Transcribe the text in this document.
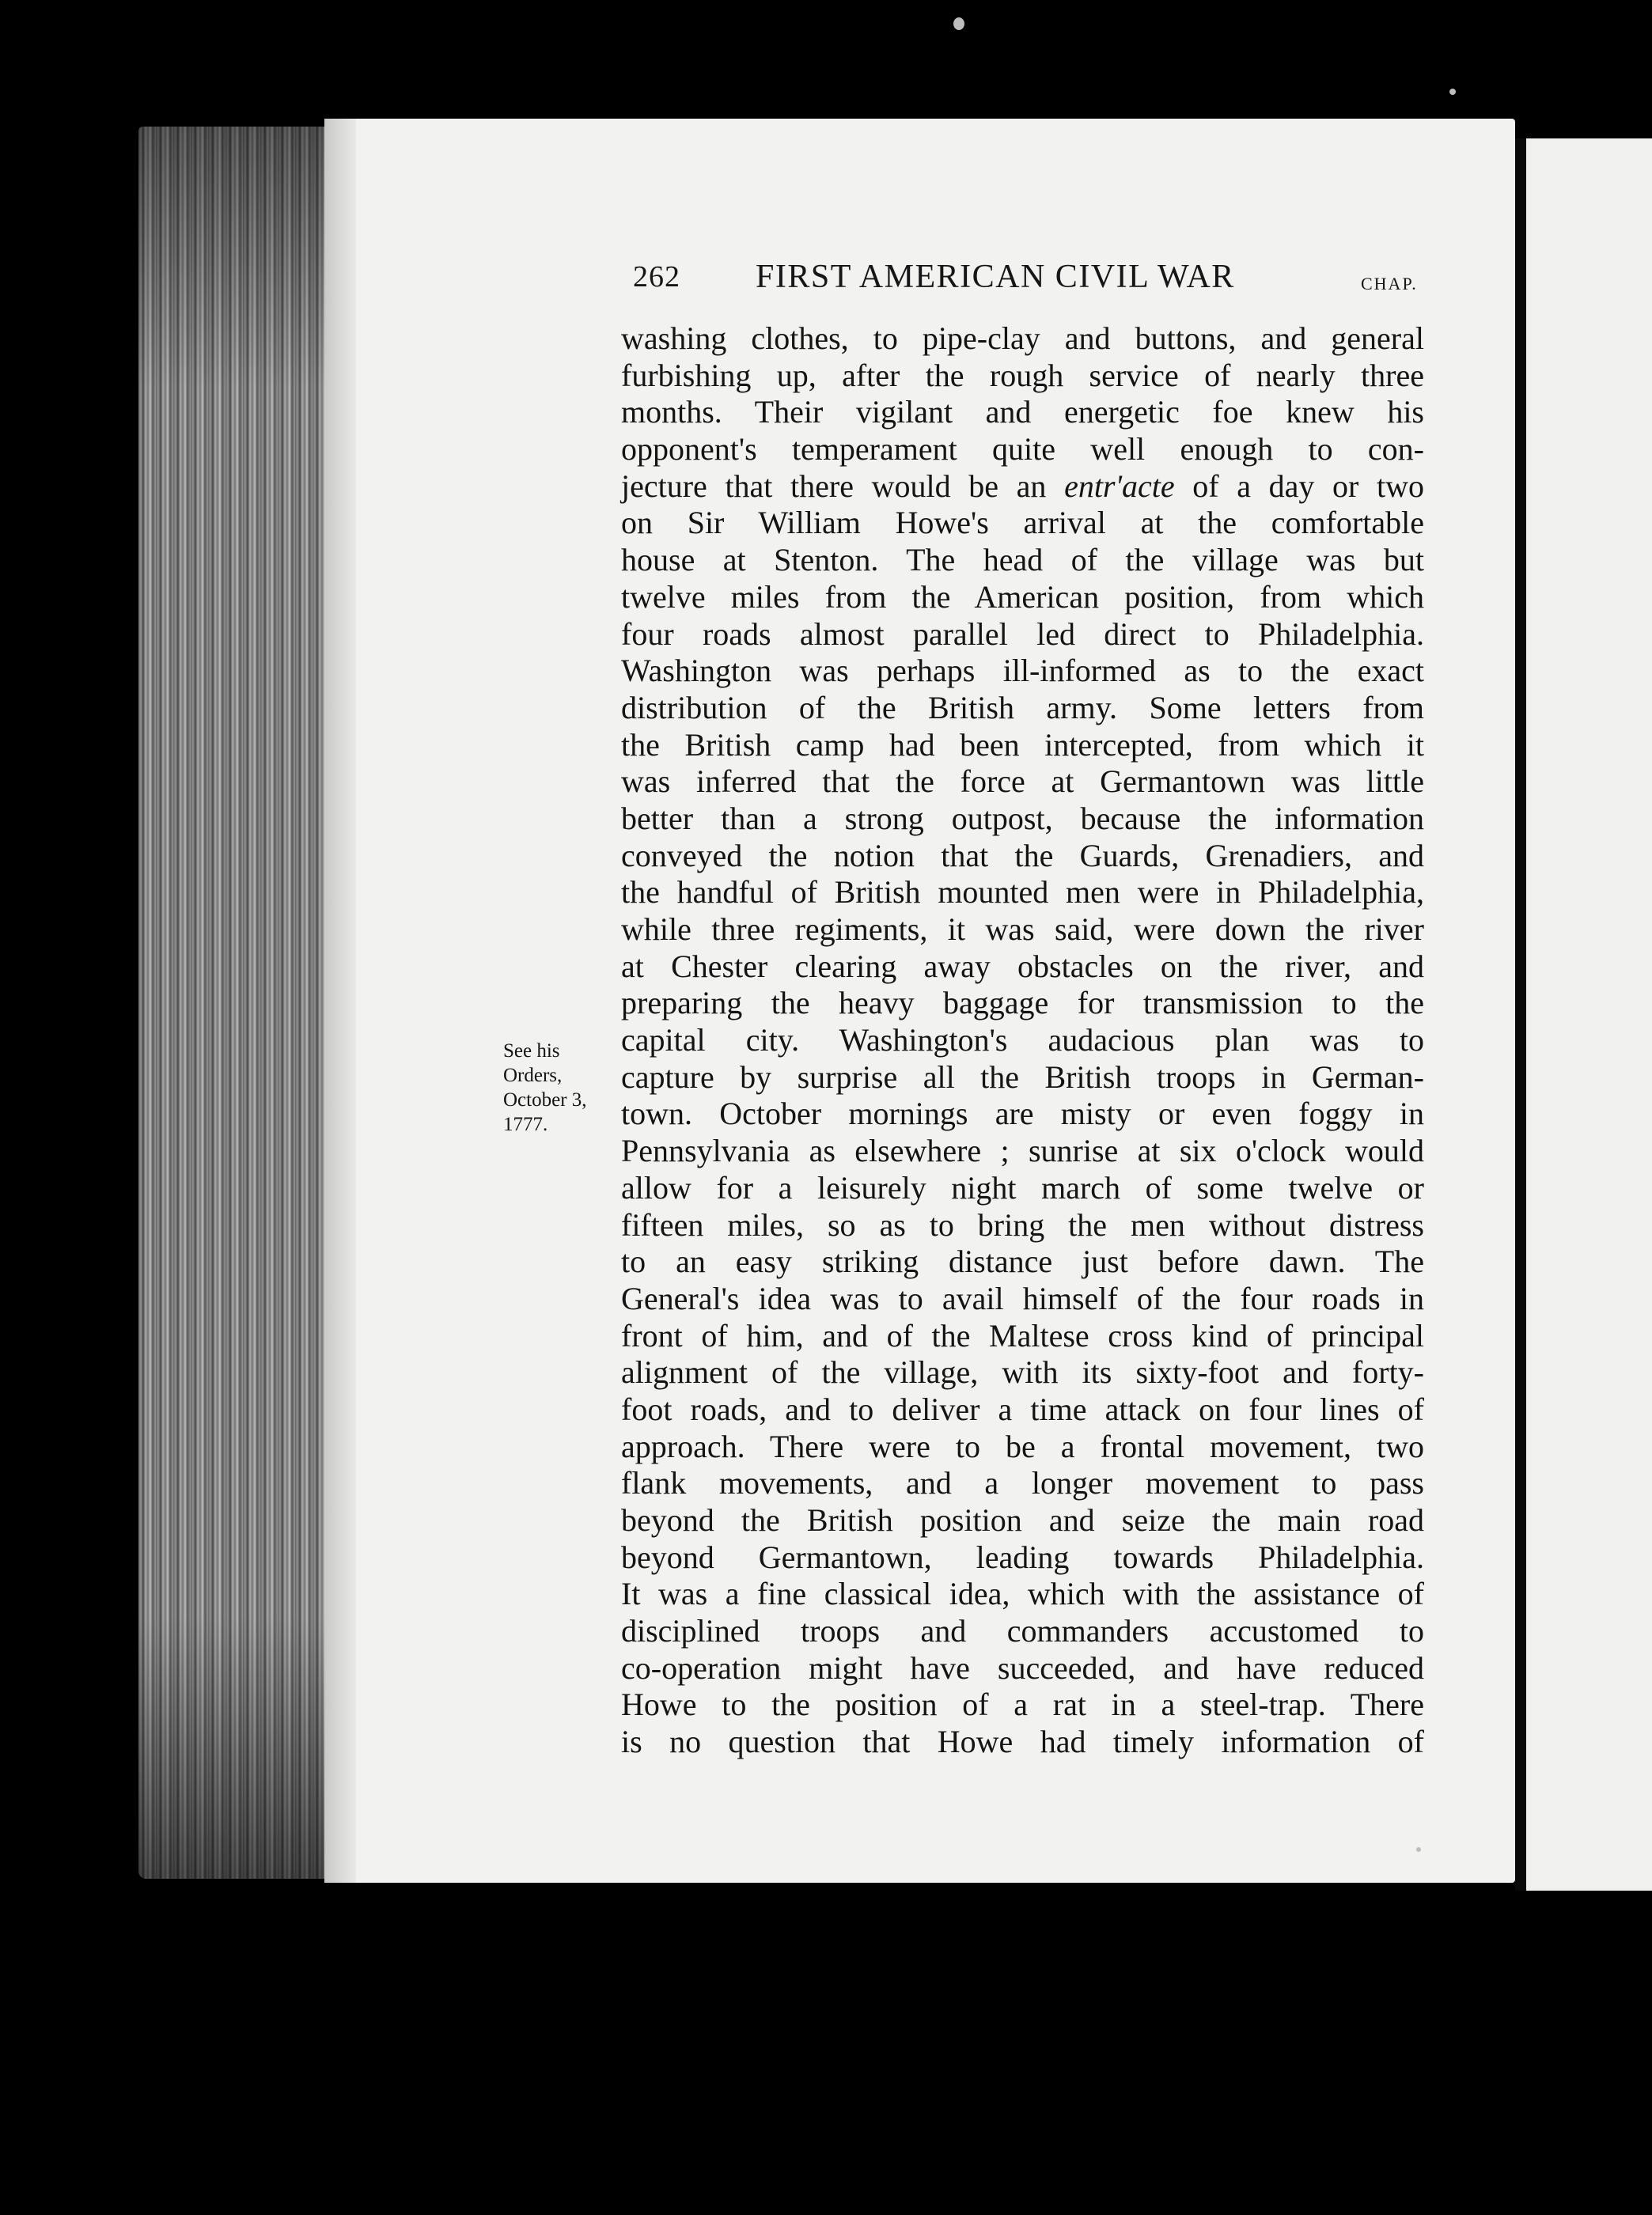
262 FIRST AMERICAN CIVIL WAR	CHAP.
See his
Orders,
October 3,
1777.
washing clothes, to pipe-clay and buttons, and general
furbishing up, after the rough service of nearly three
months. Their vigilant and energetic foe knew his
opponent's temperament quite well enough to con-
jecture that there would be an entr'acte of a day or two
on Sir William Howe's arrival at the comfortable
house at Stenton. The head of the village was but
twelve miles from the American position, from which
four roads almost parallel led direct to Philadelphia.
Washington was perhaps ill-informed as to the exact
distribution of the British army. Some letters from
the British camp had been intercepted, from which it
was inferred that the force at Germantown was little
better than a strong outpost, because the information
conveyed the notion that the Guards, Grenadiers, and
the handful of British mounted men were in Philadelphia,
while three regiments, it was said, were down the river
at Chester clearing away obstacles on the river, and
preparing the heavy baggage for transmission to the
capital city. Washington's audacious plan was to
capture by surprise all the British troops in German-
town. October mornings are misty or even foggy in
Pennsylvania as elsewhere ; sunrise at six o'clock would
allow for a leisurely night march of some twelve or
fifteen miles, so as to bring the men without distress
to an easy striking distance just before dawn. The
General's idea was to avail himself of the four roads in
front of him, and of the Maltese cross kind of principal
alignment of the village, with its sixty-foot and forty-
foot roads, and to deliver a time attack on four lines of
approach. There were to be a frontal movement, two
flank movements, and a longer movement to pass
beyond the British position and seize the main road
beyond Germantown, leading towards Philadelphia.
It was a fine classical idea, which with the assistance of
disciplined troops and commanders accustomed to
co-operation might have succeeded, and have reduced
Howe to the position of a rat in a steel-trap. There
is no question that Howe had timely information of
